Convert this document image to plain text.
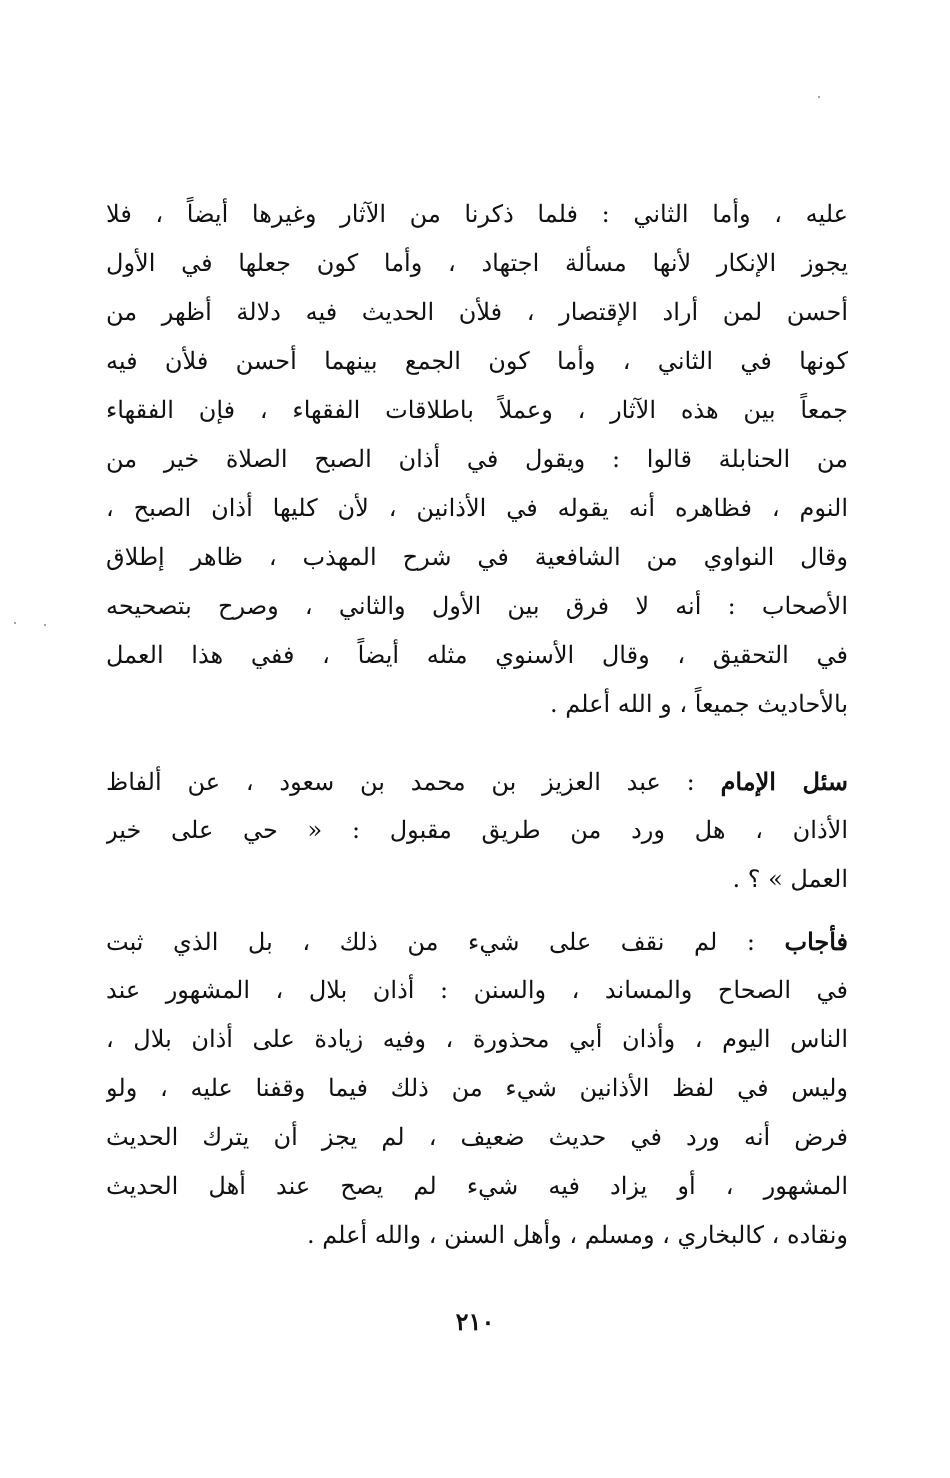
عليه ، وأما الثاني : فلما ذكرنا من الآثار وغيرها أيضاً ، فلا
يجوز الإنكار لأنها مسألة اجتهاد ، وأما كون جعلها في الأول
أحسن لمن أراد الإقتصار ، فلأن الحديث فيه دلالة أظهر من
كونها في الثاني ، وأما كون الجمع بينهما أحسن فلأن فيه
جمعاً بين هذه الآثار ، وعملاً باطلاقات الفقهاء ، فإن الفقهاء
من الحنابلة قالوا : ويقول في أذان الصبح الصلاة خير من
النوم ، فظاهره أنه يقوله في الأذانين ، لأن كليها أذان الصبح ،
وقال النواوي من الشافعية في شرح المهذب ، ظاهر إطلاق
الأصحاب : أنه لا فرق بين الأول والثاني ، وصرح بتصحيحه
في التحقيق ، وقال الأسنوي مثله أيضاً ، ففي هذا العمل
بالأحاديث جميعاً ، و الله أعلم .
سئل الإمام : عبد العزيز بن محمد بن سعود ، عن ألفاظ
الأذان ، هل ورد من طريق مقبول : « حي على خير
العمل » ؟ .
فأجاب : لم نقف على شيء من ذلك ، بل الذي ثبت
في الصحاح والمساند ، والسنن : أذان بلال ، المشهور عند
الناس اليوم ، وأذان أبي محذورة ، وفيه زيادة على أذان بلال ،
وليس في لفظ الأذانين شيء من ذلك فيما وقفنا عليه ، ولو
فرض أنه ورد في حديث ضعيف ، لم يجز أن يترك الحديث
المشهور ، أو يزاد فيه شيء لم يصح عند أهل الحديث
ونقاده ، كالبخاري ، ومسلم ، وأهل السنن ، والله أعلم .
٢١٠
